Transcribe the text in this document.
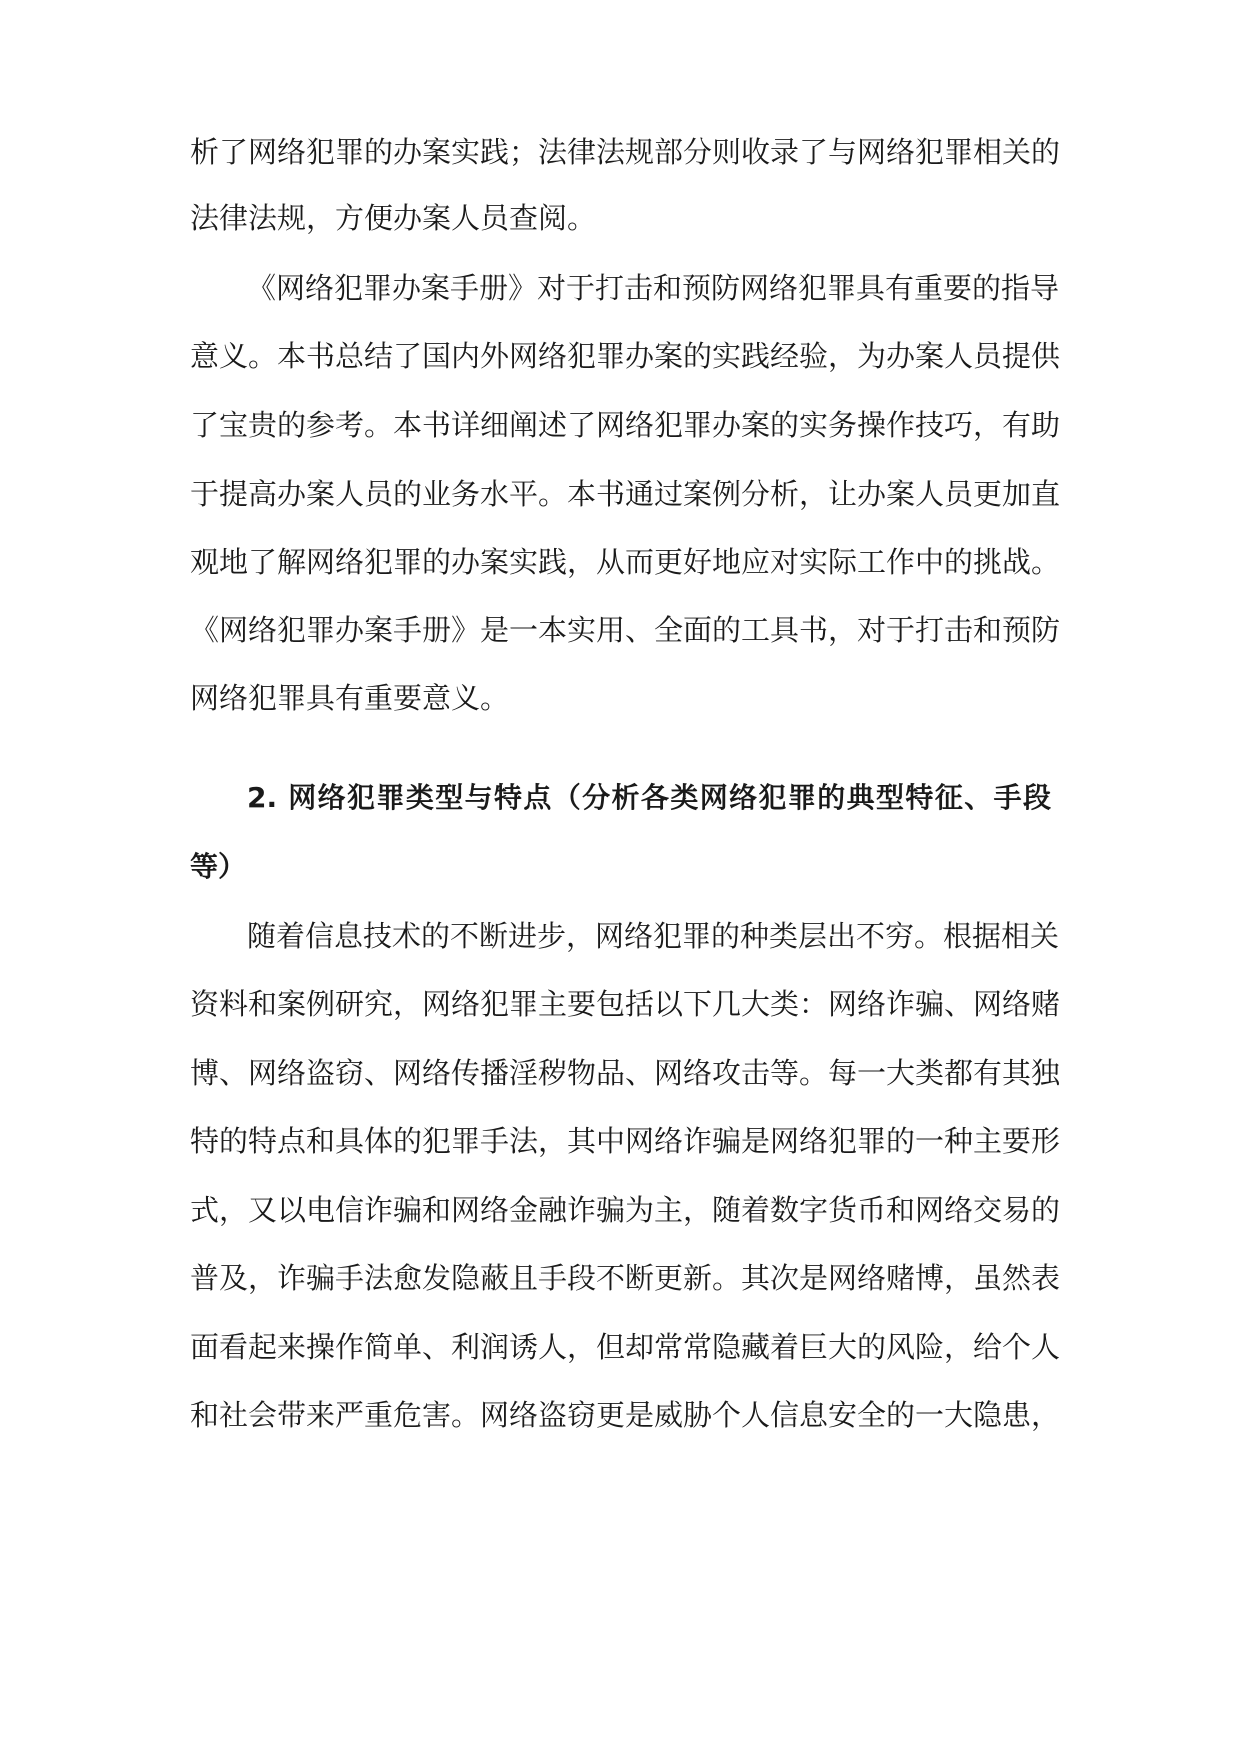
析了网络犯罪的办案实践；法律法规部分则收录了与网络犯罪相关的

法律法规，方便办案人员查阅。

《网络犯罪办案手册》对于打击和预防网络犯罪具有重要的指导

意义。本书总结了国内外网络犯罪办案的实践经验，为办案人员提供

了宝贵的参考。本书详细阐述了网络犯罪办案的实务操作技巧，有助

于提高办案人员的业务水平。本书通过案例分析，让办案人员更加直

观地了解网络犯罪的办案实践，从而更好地应对实际工作中的挑战。

《网络犯罪办案手册》是一本实用、全面的工具书，对于打击和预防

网络犯罪具有重要意义。

2. 网络犯罪类型与特点（分析各类网络犯罪的典型特征、手段

等）

随着信息技术的不断进步，网络犯罪的种类层出不穷。根据相关

资料和案例研究，网络犯罪主要包括以下几大类：网络诈骗、网络赌

博、网络盗窃、网络传播淫秽物品、网络攻击等。每一大类都有其独

特的特点和具体的犯罪手法，其中网络诈骗是网络犯罪的一种主要形

式，又以电信诈骗和网络金融诈骗为主，随着数字货币和网络交易的

普及，诈骗手法愈发隐蔽且手段不断更新。其次是网络赌博，虽然表

面看起来操作简单、利润诱人，但却常常隐藏着巨大的风险，给个人

和社会带来严重危害。网络盗窃更是威胁个人信息安全的一大隐患，
